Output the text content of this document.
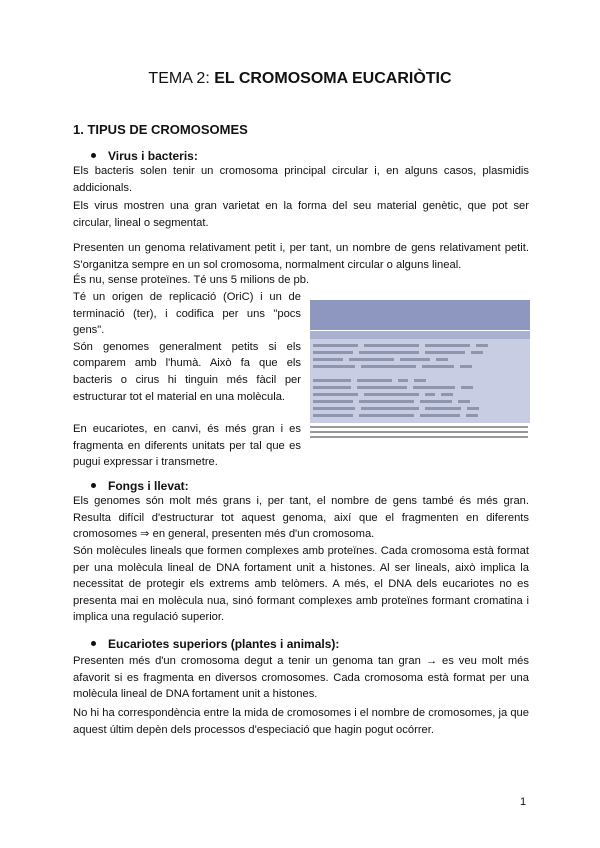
TEMA 2: EL CROMOSOMA EUCARIÒTIC
1. TIPUS DE CROMOSOMES
Virus i bacteris:
Els bacteris solen tenir un cromosoma principal circular i, en alguns casos, plasmidis addicionals.
Els virus mostren una gran varietat en la forma del seu material genètic, que pot ser circular, lineal o segmentat.
Presenten un genoma relativament petit i, per tant, un nombre de gens relativament petit. S'organitza sempre en un sol cromosoma, normalment circular o alguns lineal.
És nu, sense proteïnes. Té uns 5 milions de pb.

Té un origen de replicació (OriC) i un de terminació (ter), i codifica per uns "pocs gens".

Són genomes generalment petits si els comparem amb l'humà. Això fa que els bacteris o cirus hi tinguin més fàcil per estructurar tot el material en una molècula.

En eucariotes, en canvi, és més gran i es fragmenta en diferents unitats per tal que es pugui expressar i transmetre.

Fongs i llevat:
Els genomes són molt més grans i, per tant, el nombre de gens també és més gran. Resulta difícil d'estructurar tot aquest genoma, així que el fragmenten en diferents cromosomes ⇒ en general, presenten més d'un cromosoma.
Són molècules lineals que formen complexes amb proteïnes. Cada cromosoma està format per una molècula lineal de DNA fortament unit a histones. Al ser lineals, això implica la necessitat de protegir els extrems amb telòmers. A més, el DNA dels eucariotes no es presenta mai en molècula nua, sinó formant complexes amb proteïnes formant cromatina i implica una regulació superior.
Eucariotes superiors (plantes i animals):
Presenten més d'un cromosoma degut a tenir un genoma tan gran → es veu molt més afavorit si es fragmenta en diversos cromosomes. Cada cromosoma està format per una molècula lineal de DNA fortament unit a histones.
No hi ha correspondència entre la mida de cromosomes i el nombre de cromosomes, ja que aquest últim depèn dels processos d'especiació que hagin pogut ocórrer.
1
